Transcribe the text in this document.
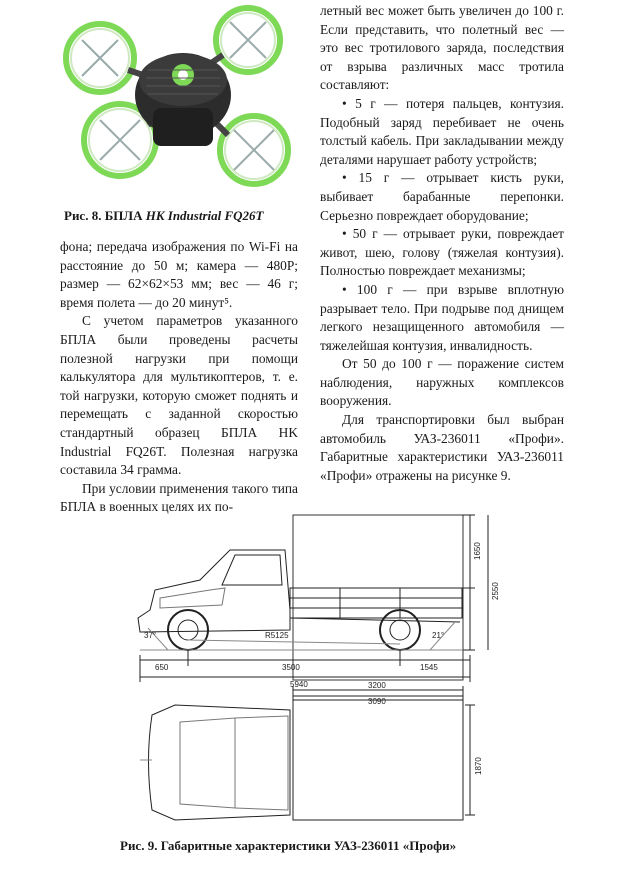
Рис. 8. БПЛА HK Industrial FQ26T

фона; передача изображения по Wi-Fi на расстояние до 50 м; камера — 480P; размер — 62×62×53 мм; вес — 46 г; время полета — до 20 минут⁵.

С учетом параметров указанного БПЛА были проведены расчеты полезной нагрузки при помощи калькулятора для мультикоптеров, т. е. той нагрузки, которую сможет поднять и перемещать с заданной скоростью стандартный образец БПЛА HK Industrial FQ26T. Полезная нагрузка составила 34 грамма.

При условии применения такого типа БПЛА в военных целях их по-

летный вес может быть увеличен до 100 г. Если представить, что полетный вес — это вес тротилового заряда, последствия от взрыва различных масс тротила составляют:

• 5 г — потеря пальцев, контузия. Подобный заряд перебивает не очень толстый кабель. При закладывании между деталями нарушает работу устройств;

• 15 г — отрывает кисть руки, выбивает барабанные перепонки. Серьезно повреждает оборудование;

• 50 г — отрывает руки, повреждает живот, шею, голову (тяжелая контузия). Полностью повреждает механизмы;

• 100 г — при взрыве вплотную разрывает тело. При подрыве под днищем легкого незащищенного автомобиля — тяжелейшая контузия, инвалидность.

От 50 до 100 г — поражение систем наблюдения, наружных комплексов вооружения.

Для транспортировки был выбран автомобиль УАЗ-236011 «Профи». Габаритные характеристики УАЗ-236011 «Профи» отражены на рисунке 9.

650	3500	1545
5940
R5125
37°	21°
1650
2550
3200
3090
1870
Рис. 9. Габаритные характеристики УАЗ-236011 «Профи»
